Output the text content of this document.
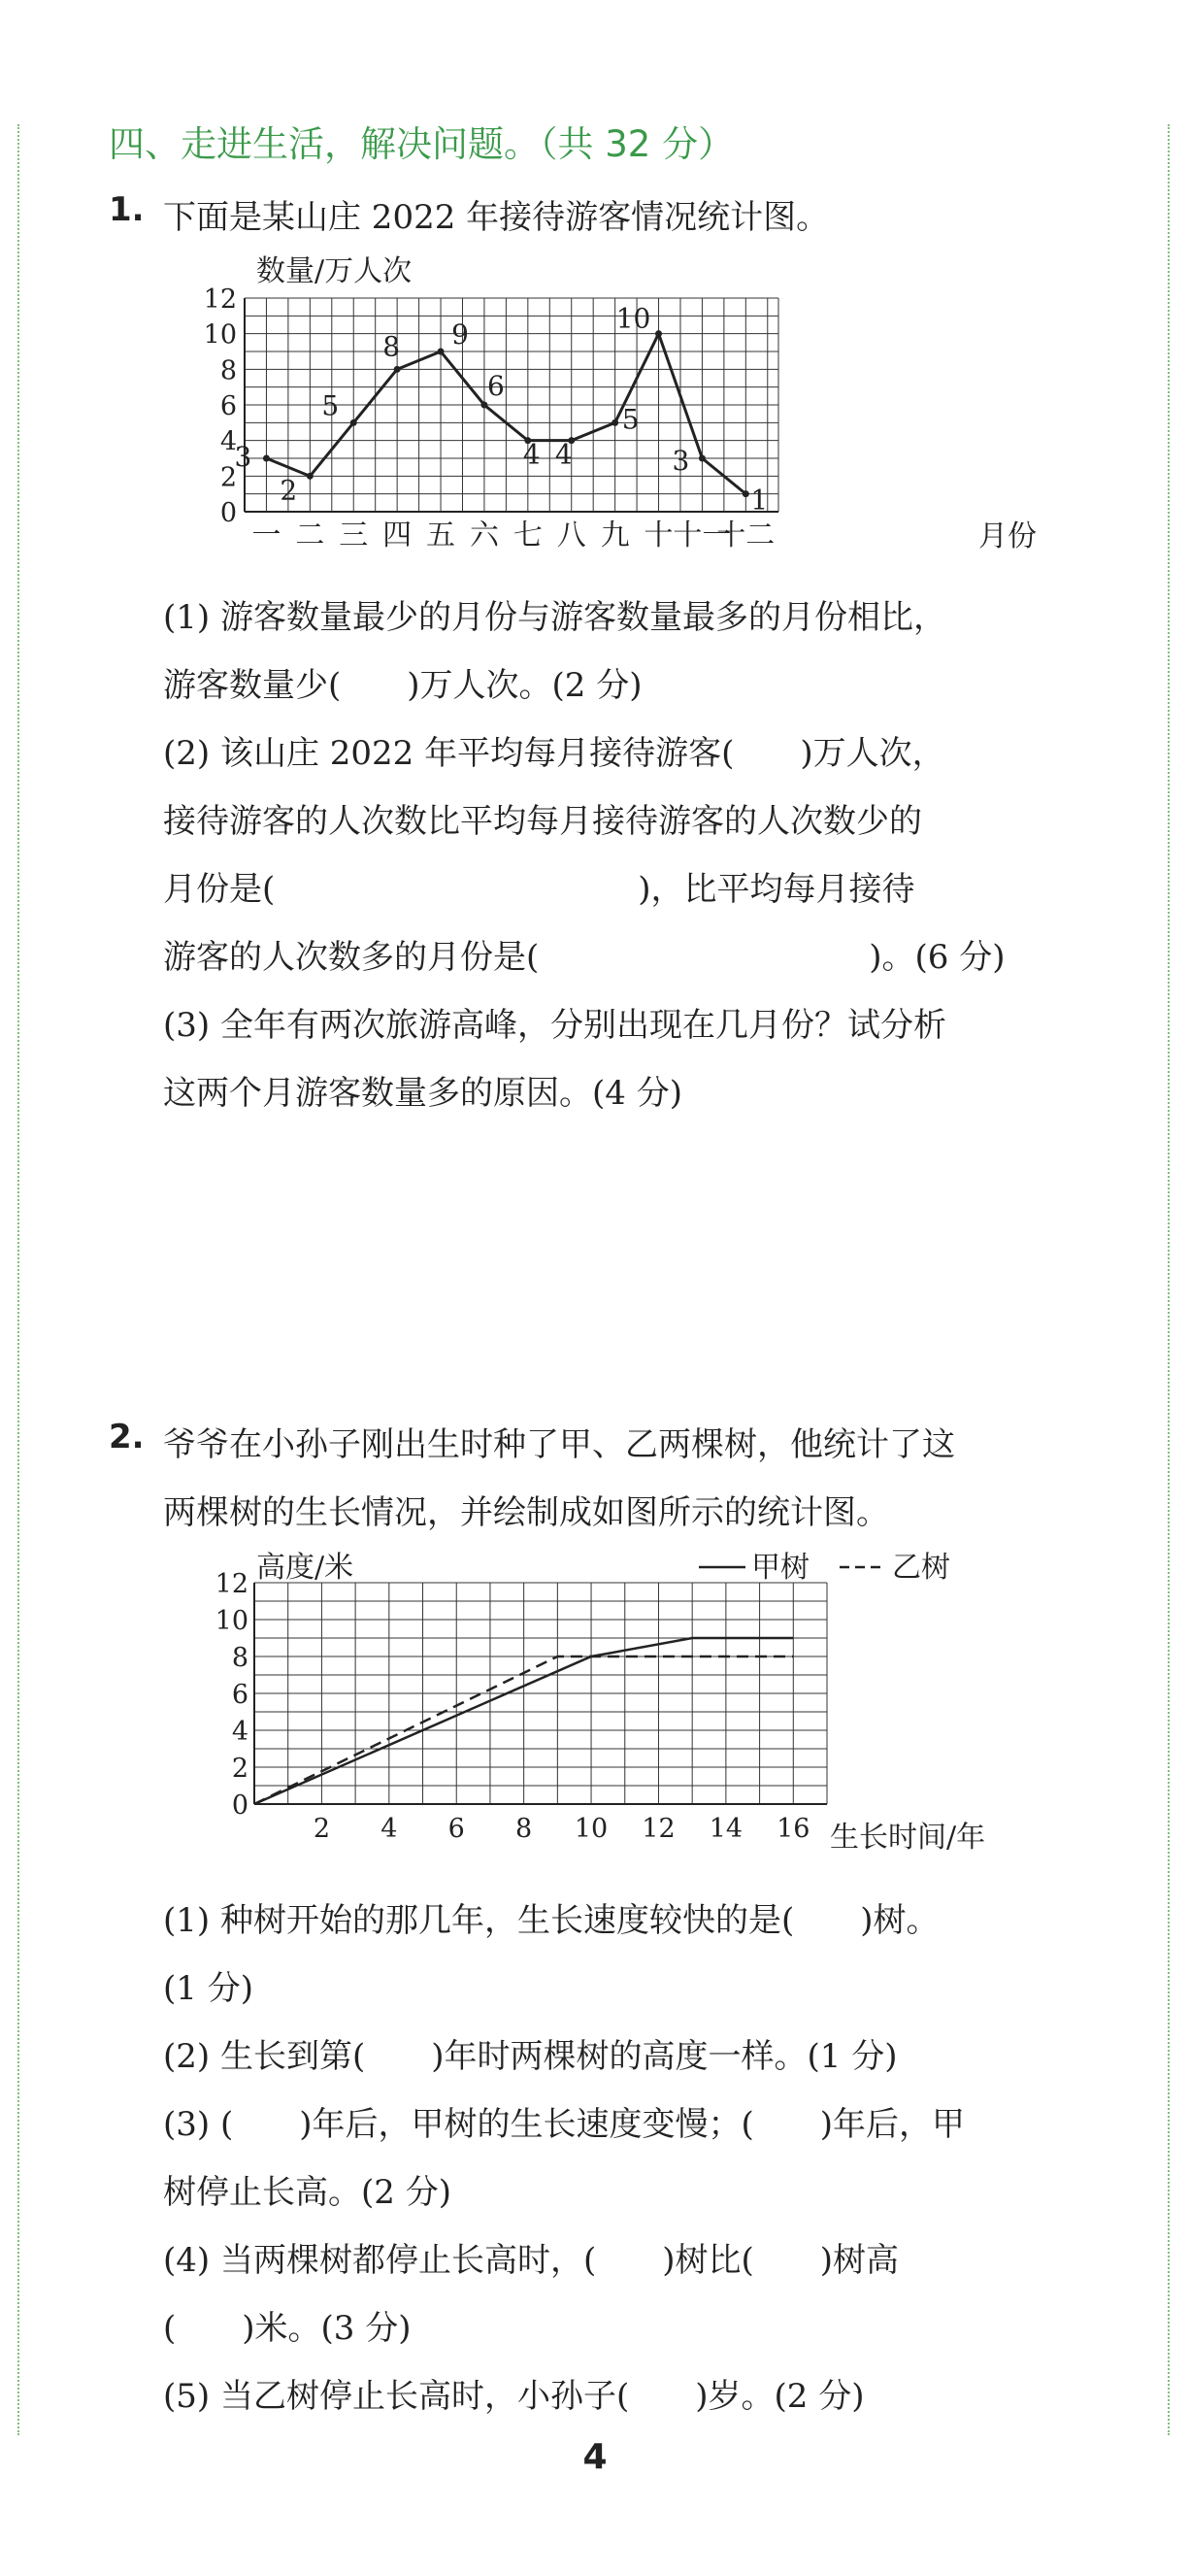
四、走进生活，解决问题。（共 32 分）
1. 下面是某山庄 2022 年接待游客情况统计图。
0
2
4
6
8
10
12
一 二 三 四 五 六 七 八 九 十 十一
十二
3
2
5
8 9
6
4 4
5
10
3
1
数量/万人次
月份
(1) 游客数量最少的月份与游客数量最多的月份相比，
游客数量少(　　)万人次。(2 分)
(2) 该山庄 2022 年平均每月接待游客(　　)万人次，
接待游客的人次数比平均每月接待游客的人次数少的
月份是(　　　　　　　　　　　)，比平均每月接待
游客的人次数多的月份是(　　　　　　　　　　)。(6 分)
(3) 全年有两次旅游高峰，分别出现在几月份？试分析
这两个月游客数量多的原因。(4 分)
2. 爷爷在小孙子刚出生时种了甲、乙两棵树，他统计了这
两棵树的生长情况，并绘制成如图所示的统计图。
0
2
4
6
8
10
12
2 4 6 8 10 12 14 16
甲树	乙树
高度/米
生长时间/年
(1) 种树开始的那几年，生长速度较快的是(　　)树。
(1 分)
(2) 生长到第(　　)年时两棵树的高度一样。(1 分)
(3) (　　)年后，甲树的生长速度变慢；(　　)年后，甲
树停止长高。(2 分)
(4) 当两棵树都停止长高时，(　　)树比(　　)树高
(　　)米。(3 分)
(5) 当乙树停止长高时，小孙子(　　)岁。(2 分)
4
